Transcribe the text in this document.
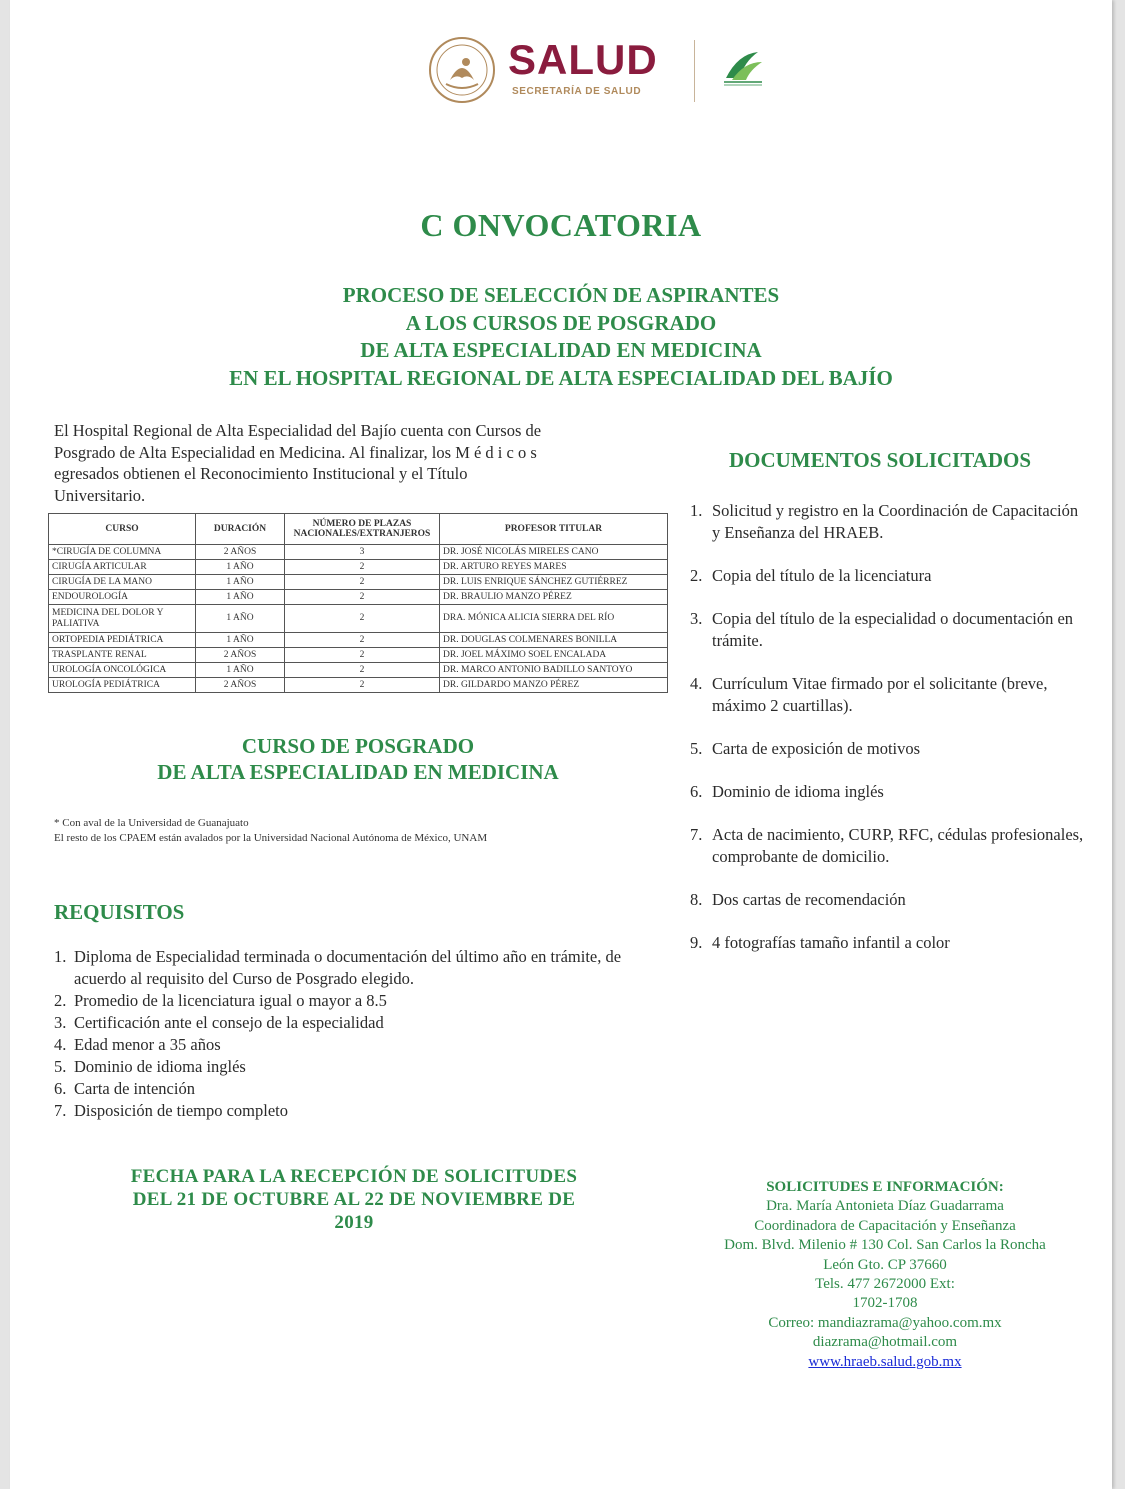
SALUD
SECRETARÍA DE SALUD
C ONVOCATORIA
PROCESO DE SELECCIÓN DE ASPIRANTES
A LOS CURSOS DE POSGRADO
DE ALTA ESPECIALIDAD EN MEDICINA
EN EL HOSPITAL REGIONAL DE ALTA ESPECIALIDAD DEL BAJÍO
El Hospital Regional de Alta Especialidad del Bajío cuenta con Cursos de
Posgrado de Alta Especialidad en Medicina. Al finalizar, los M é d i c o s
egresados obtienen el Reconocimiento Institucional y el Título
Universitario.
CURSO	DURACIÓN	NÚMERO DE PLAZAS NACIONALES/EXTRANJEROS	PROFESOR TITULAR
*CIRUGÍA DE COLUMNA	2 AÑOS	3	DR. JOSÉ NICOLÁS MIRELES CANO
CIRUGÍA ARTICULAR	1 AÑO	2	DR. ARTURO REYES MARES
CIRUGÍA DE LA MANO	1 AÑO	2	DR. LUIS ENRIQUE SÁNCHEZ GUTIÉRREZ
ENDOUROLOGÍA	1 AÑO	2	DR. BRAULIO MANZO PÉREZ
MEDICINA DEL DOLOR Y PALIATIVA	1 AÑO	2	DRA. MÓNICA ALICIA SIERRA DEL RÍO
ORTOPEDIA PEDIÁTRICA	1 AÑO	2	DR. DOUGLAS COLMENARES BONILLA
TRASPLANTE RENAL	2 AÑOS	2	DR. JOEL MÁXIMO SOEL ENCALADA
UROLOGÍA ONCOLÓGICA	1 AÑO	2	DR. MARCO ANTONIO BADILLO SANTOYO
UROLOGÍA PEDIÁTRICA	2 AÑOS	2	DR. GILDARDO MANZO PÉREZ
CURSO DE POSGRADO
DE ALTA ESPECIALIDAD EN MEDICINA
* Con aval de la Universidad de Guanajuato
El resto de los CPAEM están avalados por la Universidad Nacional Autónoma de México, UNAM
REQUISITOS
1. Diploma de Especialidad terminada o documentación del último año en trámite, de acuerdo al requisito del Curso de Posgrado elegido.
2. Promedio de la licenciatura igual o mayor a 8.5
3. Certificación ante el consejo de la especialidad
4. Edad menor a 35 años
5. Dominio de idioma inglés
6. Carta de intención
7. Disposición de tiempo completo
FECHA PARA LA RECEPCIÓN DE SOLICITUDES
DEL 21 DE OCTUBRE AL 22 DE NOVIEMBRE DE
2019
DOCUMENTOS SOLICITADOS
1. Solicitud y registro en la Coordinación de Capacitación y Enseñanza del HRAEB.
2. Copia del título de la licenciatura
3. Copia del título de la especialidad o documentación en trámite.
4. Currículum Vitae firmado por el solicitante (breve, máximo 2 cuartillas).
5. Carta de exposición de motivos
6. Dominio de idioma inglés
7. Acta de nacimiento, CURP, RFC, cédulas profesionales, comprobante de domicilio.
8. Dos cartas de recomendación
9. 4 fotografías tamaño infantil a color
SOLICITUDES E INFORMACIÓN:
Dra. María Antonieta Díaz Guadarrama
Coordinadora de Capacitación y Enseñanza
Dom. Blvd. Milenio # 130 Col. San Carlos la Roncha
León Gto. CP 37660
Tels. 477 2672000 Ext:
1702-1708
Correo: mandiazrama@yahoo.com.mx
diazrama@hotmail.com
www.hraeb.salud.gob.mx
